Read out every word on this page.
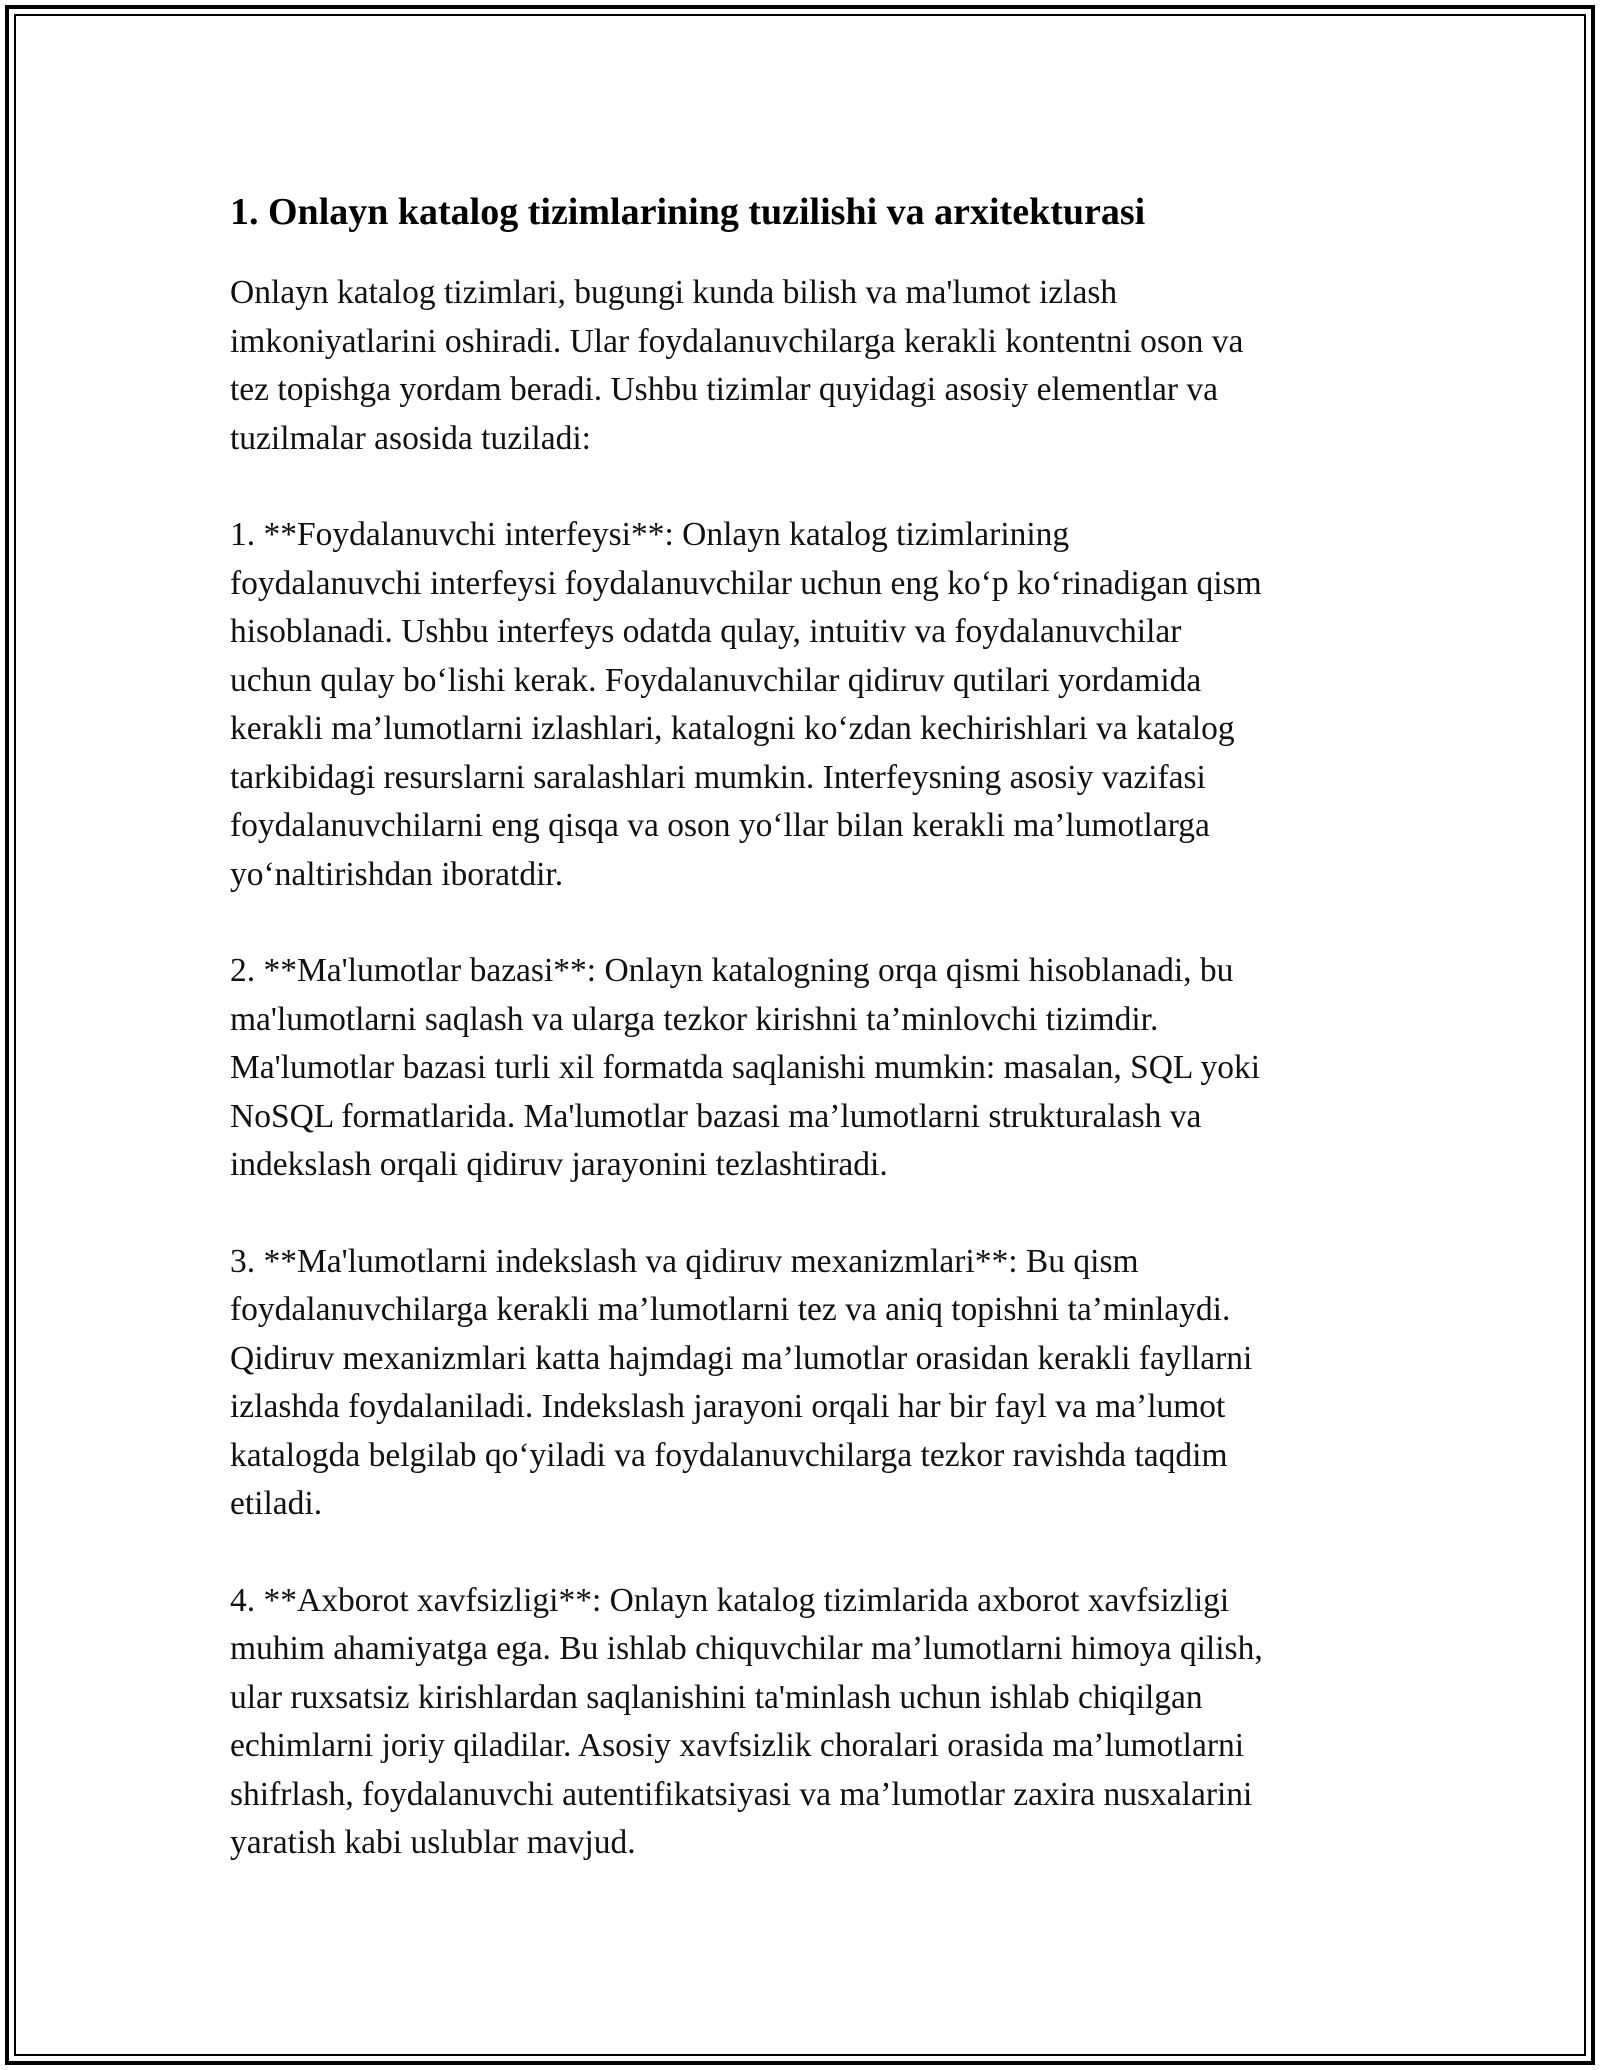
1. Onlayn katalog tizimlarining tuzilishi va arxitekturasi

Onlayn katalog tizimlari, bugungi kunda bilish va ma'lumot izlash
imkoniyatlarini oshiradi. Ular foydalanuvchilarga kerakli kontentni oson va
tez topishga yordam beradi. Ushbu tizimlar quyidagi asosiy elementlar va
tuzilmalar asosida tuziladi:

1. **Foydalanuvchi interfeysi**: Onlayn katalog tizimlarining
foydalanuvchi interfeysi foydalanuvchilar uchun eng koʻp koʻrinadigan qism
hisoblanadi. Ushbu interfeys odatda qulay, intuitiv va foydalanuvchilar
uchun qulay boʻlishi kerak. Foydalanuvchilar qidiruv qutilari yordamida
kerakli ma’lumotlarni izlashlari, katalogni koʻzdan kechirishlari va katalog
tarkibidagi resurslarni saralashlari mumkin. Interfeysning asosiy vazifasi
foydalanuvchilarni eng qisqa va oson yoʻllar bilan kerakli ma’lumotlarga
yoʻnaltirishdan iboratdir.

2. **Ma'lumotlar bazasi**: Onlayn katalogning orqa qismi hisoblanadi, bu
ma'lumotlarni saqlash va ularga tezkor kirishni ta’minlovchi tizimdir.
Ma'lumotlar bazasi turli xil formatda saqlanishi mumkin: masalan, SQL yoki
NoSQL formatlarida. Ma'lumotlar bazasi ma’lumotlarni strukturalash va
indekslash orqali qidiruv jarayonini tezlashtiradi.

3. **Ma'lumotlarni indekslash va qidiruv mexanizmlari**: Bu qism
foydalanuvchilarga kerakli ma’lumotlarni tez va aniq topishni ta’minlaydi.
Qidiruv mexanizmlari katta hajmdagi ma’lumotlar orasidan kerakli fayllarni
izlashda foydalaniladi. Indekslash jarayoni orqali har bir fayl va ma’lumot
katalogda belgilab qoʻyiladi va foydalanuvchilarga tezkor ravishda taqdim
etiladi.

4. **Axborot xavfsizligi**: Onlayn katalog tizimlarida axborot xavfsizligi
muhim ahamiyatga ega. Bu ishlab chiquvchilar ma’lumotlarni himoya qilish,
ular ruxsatsiz kirishlardan saqlanishini ta'minlash uchun ishlab chiqilgan
echimlarni joriy qiladilar. Asosiy xavfsizlik choralari orasida ma’lumotlarni
shifrlash, foydalanuvchi autentifikatsiyasi va ma’lumotlar zaxira nusxalarini
yaratish kabi uslublar mavjud.
